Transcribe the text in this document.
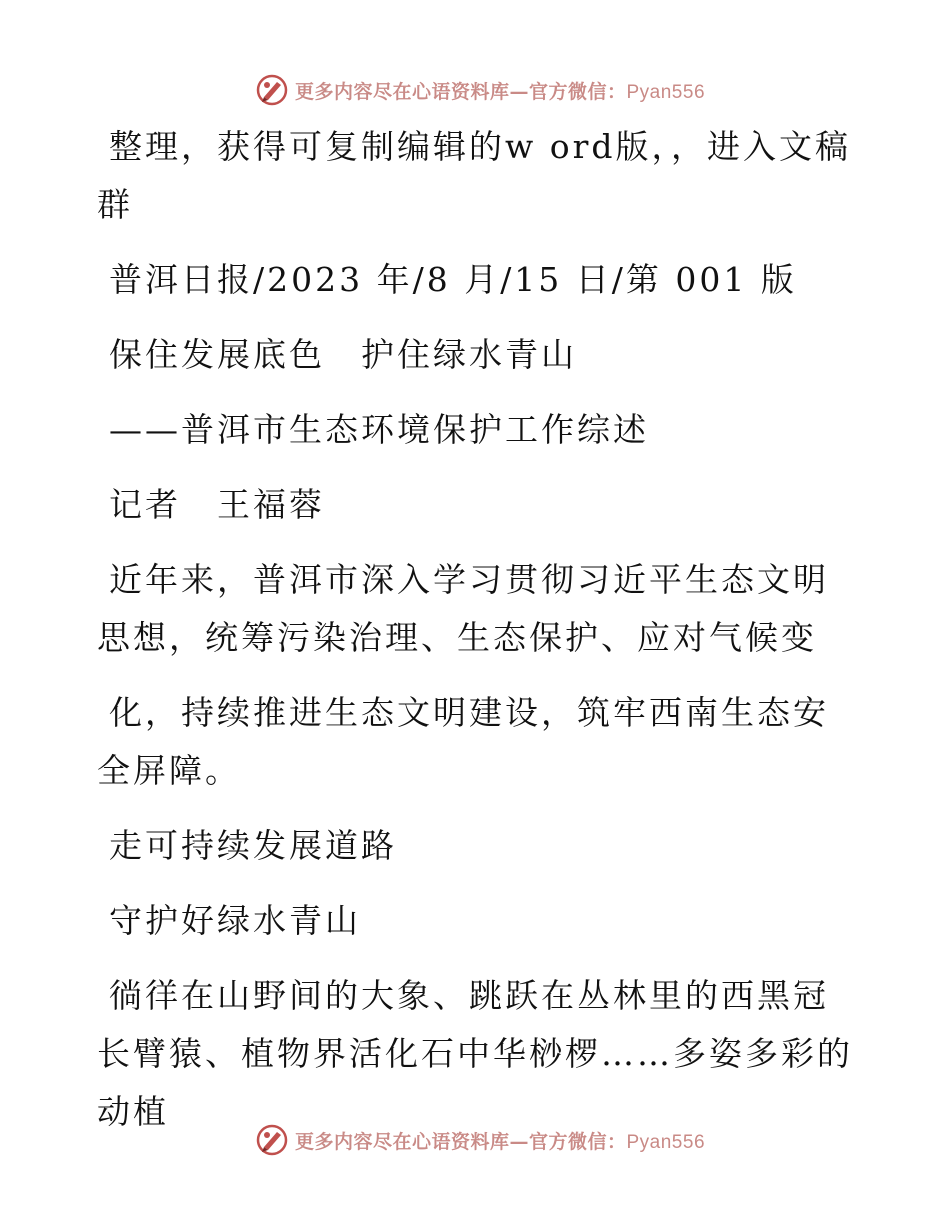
更多内容尽在心语资料库—官方微信：Pyan556

整理，获得可复制编辑的w ord版，，进入文稿群

普洱日报/2023 年/8 月/15 日/第 001 版

保住发展底色　护住绿水青山

——普洱市生态环境保护工作综述

记者　王福蓉

近年来，普洱市深入学习贯彻习近平生态文明思想，统筹污染治理、生态保护、应对气候变

化，持续推进生态文明建设，筑牢西南生态安全屏障。

走可持续发展道路

守护好绿水青山

徜徉在山野间的大象、跳跃在丛林里的西黑冠长臂猿、植物界活化石中华桫椤……多姿多彩的动植

更多内容尽在心语资料库—官方微信：Pyan556
